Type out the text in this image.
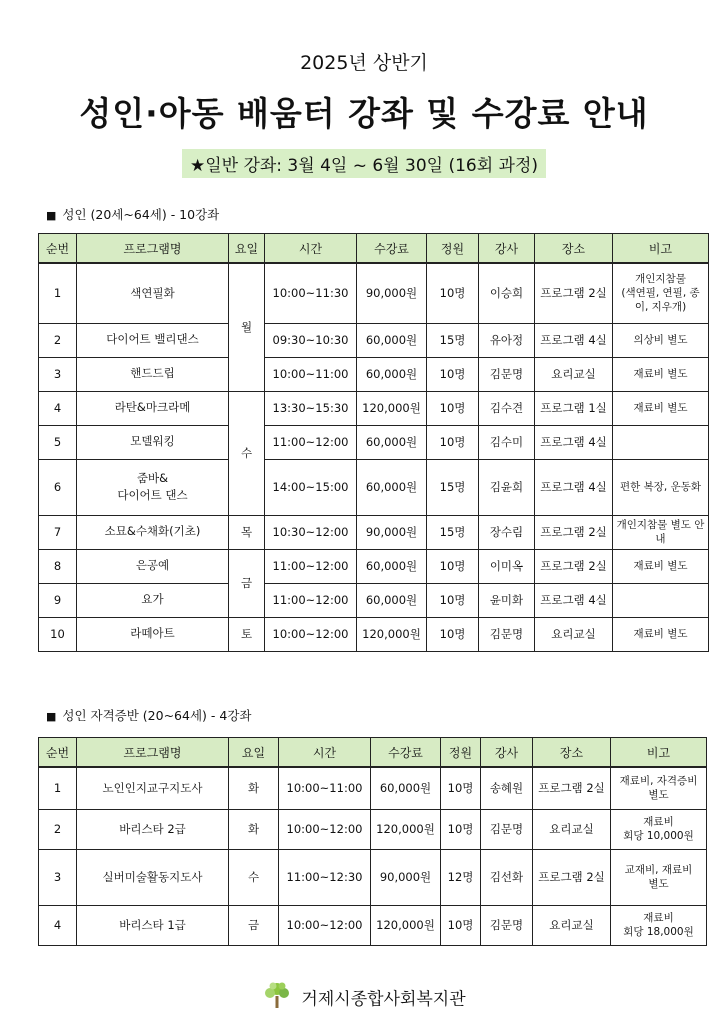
2025년 상반기
성인·아동 배움터 강좌 및 수강료 안내
★일반 강좌: 3월 4일 ~ 6월 30일 (16회 과정)
■ 성인 (20세~64세) - 10강좌
순번	프로그램명	요일	시간	수강료	정원	강사	장소	비고
1	색연필화	월	10:00~11:30	90,000원	10명	이승희	프로그램 2실	개인지참물
(색연필, 연필, 종이, 지우개)
2	다이어트 밸리댄스		09:30~10:30	60,000원	15명	유아정	프로그램 4실	의상비 별도
3	핸드드립		10:00~11:00	60,000원	10명	김문명	요리교실	재료비 별도
4	라탄&마크라메	수	13:30~15:30	120,000원	10명	김수견	프로그램 1실	재료비 별도
5	모델워킹		11:00~12:00	60,000원	10명	김수미	프로그램 4실	
6	줌바&
다이어트 댄스		14:00~15:00	60,000원	15명	김윤희	프로그램 4실	편한 복장, 운동화
7	소묘&수채화(기초)	목	10:30~12:00	90,000원	15명	장수림	프로그램 2실	개인지참물 별도 안내
8	은공예	금	11:00~12:00	60,000원	10명	이미옥	프로그램 2실	재료비 별도
9	요가		11:00~12:00	60,000원	10명	윤미화	프로그램 4실	
10	라떼아트	토	10:00~12:00	120,000원	10명	김문명	요리교실	재료비 별도
■ 성인 자격증반 (20~64세) - 4강좌
순번	프로그램명	요일	시간	수강료	정원	강사	장소	비고
1	노인인지교구지도사	화	10:00~11:00	60,000원	10명	송혜원	프로그램 2실	재료비, 자격증비
별도
2	바리스타 2급	화	10:00~12:00	120,000원	10명	김문명	요리교실	재료비
회당 10,000원
3	실버미술활동지도사	수	11:00~12:30	90,000원	12명	김선화	프로그램 2실	교재비, 재료비
별도
4	바리스타 1급	금	10:00~12:00	120,000원	10명	김문명	요리교실	재료비
회당 18,000원
거제시종합사회복지관
